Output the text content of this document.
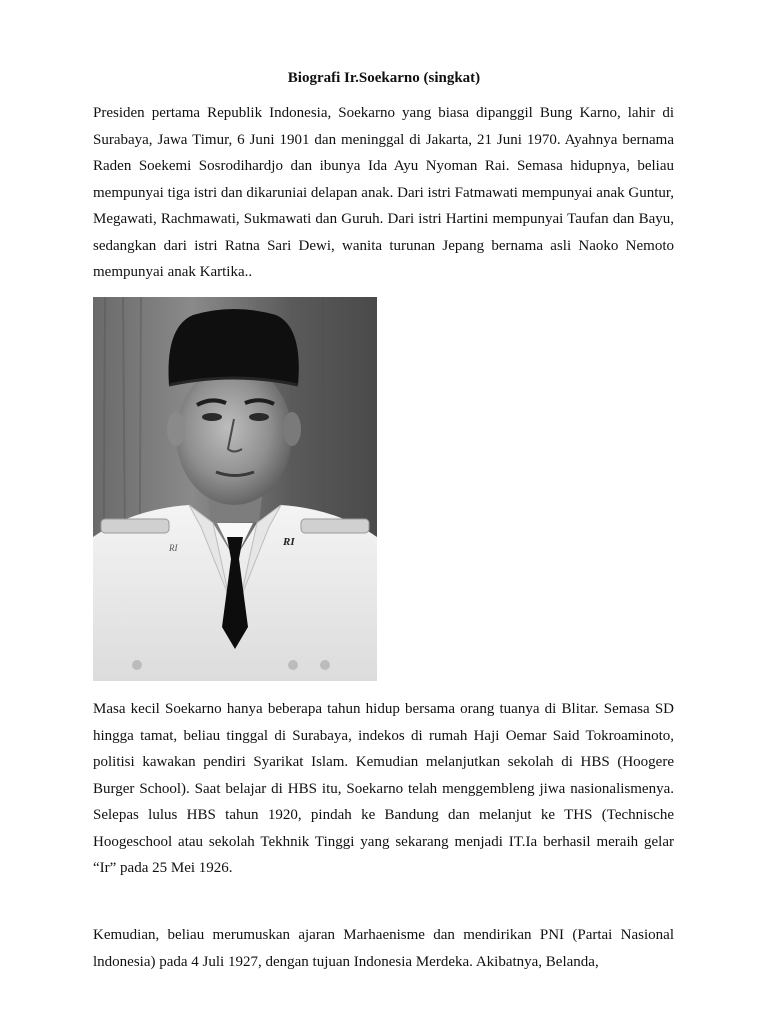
Biografi Ir.Soekarno (singkat)

Presiden pertama Republik Indonesia, Soekarno yang biasa dipanggil Bung Karno, lahir di Surabaya, Jawa Timur, 6 Juni 1901 dan meninggal di Jakarta, 21 Juni 1970. Ayahnya bernama Raden Soekemi Sosrodihardjo dan ibunya Ida Ayu Nyoman Rai. Semasa hidupnya, beliau mempunyai tiga istri dan dikaruniai delapan anak. Dari istri Fatmawati mempunyai anak Guntur, Megawati, Rachmawati, Sukmawati dan Guruh. Dari istri Hartini mempunyai Taufan dan Bayu, sedangkan dari istri Ratna Sari Dewi, wanita turunan Jepang bernama asli Naoko Nemoto mempunyai anak Kartika..

RI
RI

Masa kecil Soekarno hanya beberapa tahun hidup bersama orang tuanya di Blitar. Semasa SD hingga tamat, beliau tinggal di Surabaya, indekos di rumah Haji Oemar Said Tokroaminoto, politisi kawakan pendiri Syarikat Islam. Kemudian melanjutkan sekolah di HBS (Hoogere Burger School). Saat belajar di HBS itu, Soekarno telah menggembleng jiwa nasionalismenya. Selepas lulus HBS tahun 1920, pindah ke Bandung dan melanjut ke THS (Technische Hoogeschool atau sekolah Tekhnik Tinggi yang sekarang menjadi IT.Ia berhasil meraih gelar “Ir” pada 25 Mei 1926.

Kemudian, beliau merumuskan ajaran Marhaenisme dan mendirikan PNI (Partai Nasional lndonesia) pada 4 Juli 1927, dengan tujuan Indonesia Merdeka. Akibatnya, Belanda,
